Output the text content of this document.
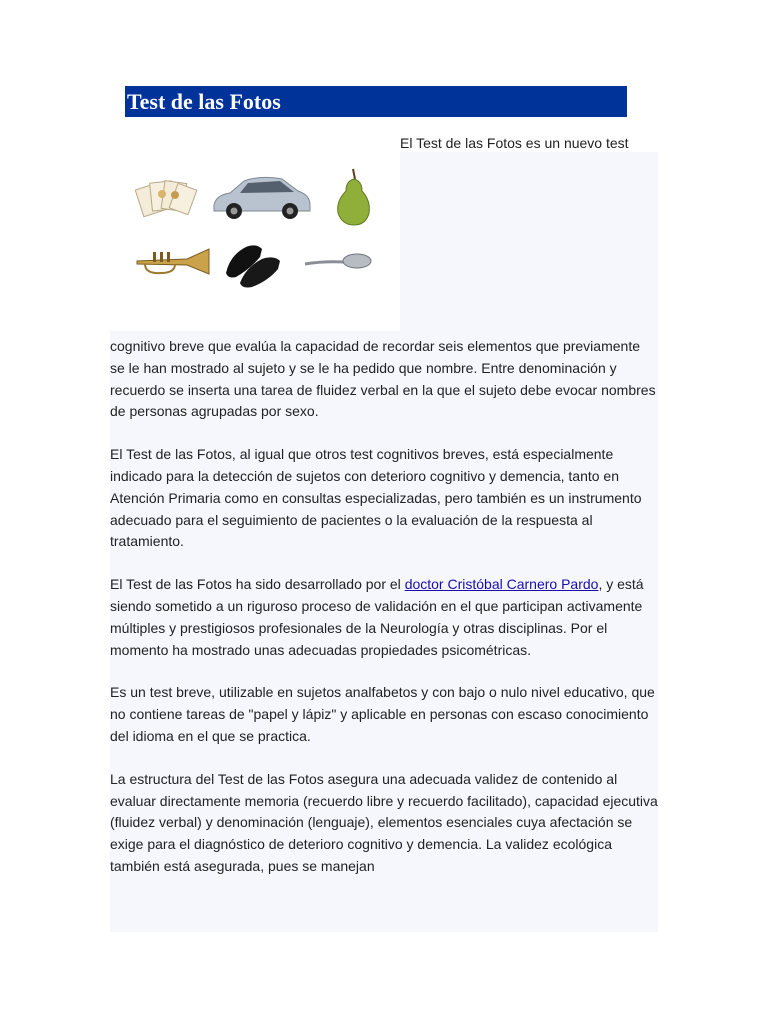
Test de las Fotos
El Test de las Fotos es un nuevo test

cognitivo breve que evalúa la capacidad de recordar seis elementos que previamente se le han mostrado al sujeto y se le ha pedido que nombre. Entre denominación y recuerdo se inserta una tarea de fluidez verbal en la que el sujeto debe evocar nombres de personas agrupadas por sexo.

El Test de las Fotos, al igual que otros test cognitivos breves, está especialmente indicado para la detección de sujetos con deterioro cognitivo y demencia, tanto en Atención Primaria como en consultas especializadas, pero también es un instrumento adecuado para el seguimiento de pacientes o la evaluación de la respuesta al tratamiento.

El Test de las Fotos ha sido desarrollado por el doctor Cristóbal Carnero Pardo, y está siendo sometido a un riguroso proceso de validación en el que participan activamente múltiples y prestigiosos profesionales de la Neurología y otras disciplinas. Por el momento ha mostrado unas adecuadas propiedades psicométricas.

Es un test breve, utilizable en sujetos analfabetos y con bajo o nulo nivel educativo, que no contiene tareas de "papel y lápiz" y aplicable en personas con escaso conocimiento del idioma en el que se practica.

La estructura del Test de las Fotos asegura una adecuada validez de contenido al evaluar directamente memoria (recuerdo libre y recuerdo facilitado), capacidad ejecutiva (fluidez verbal) y denominación (lenguaje), elementos esenciales cuya afectación se exige para el diagnóstico de deterioro cognitivo y demencia. La validez ecológica también está asegurada, pues se manejan
